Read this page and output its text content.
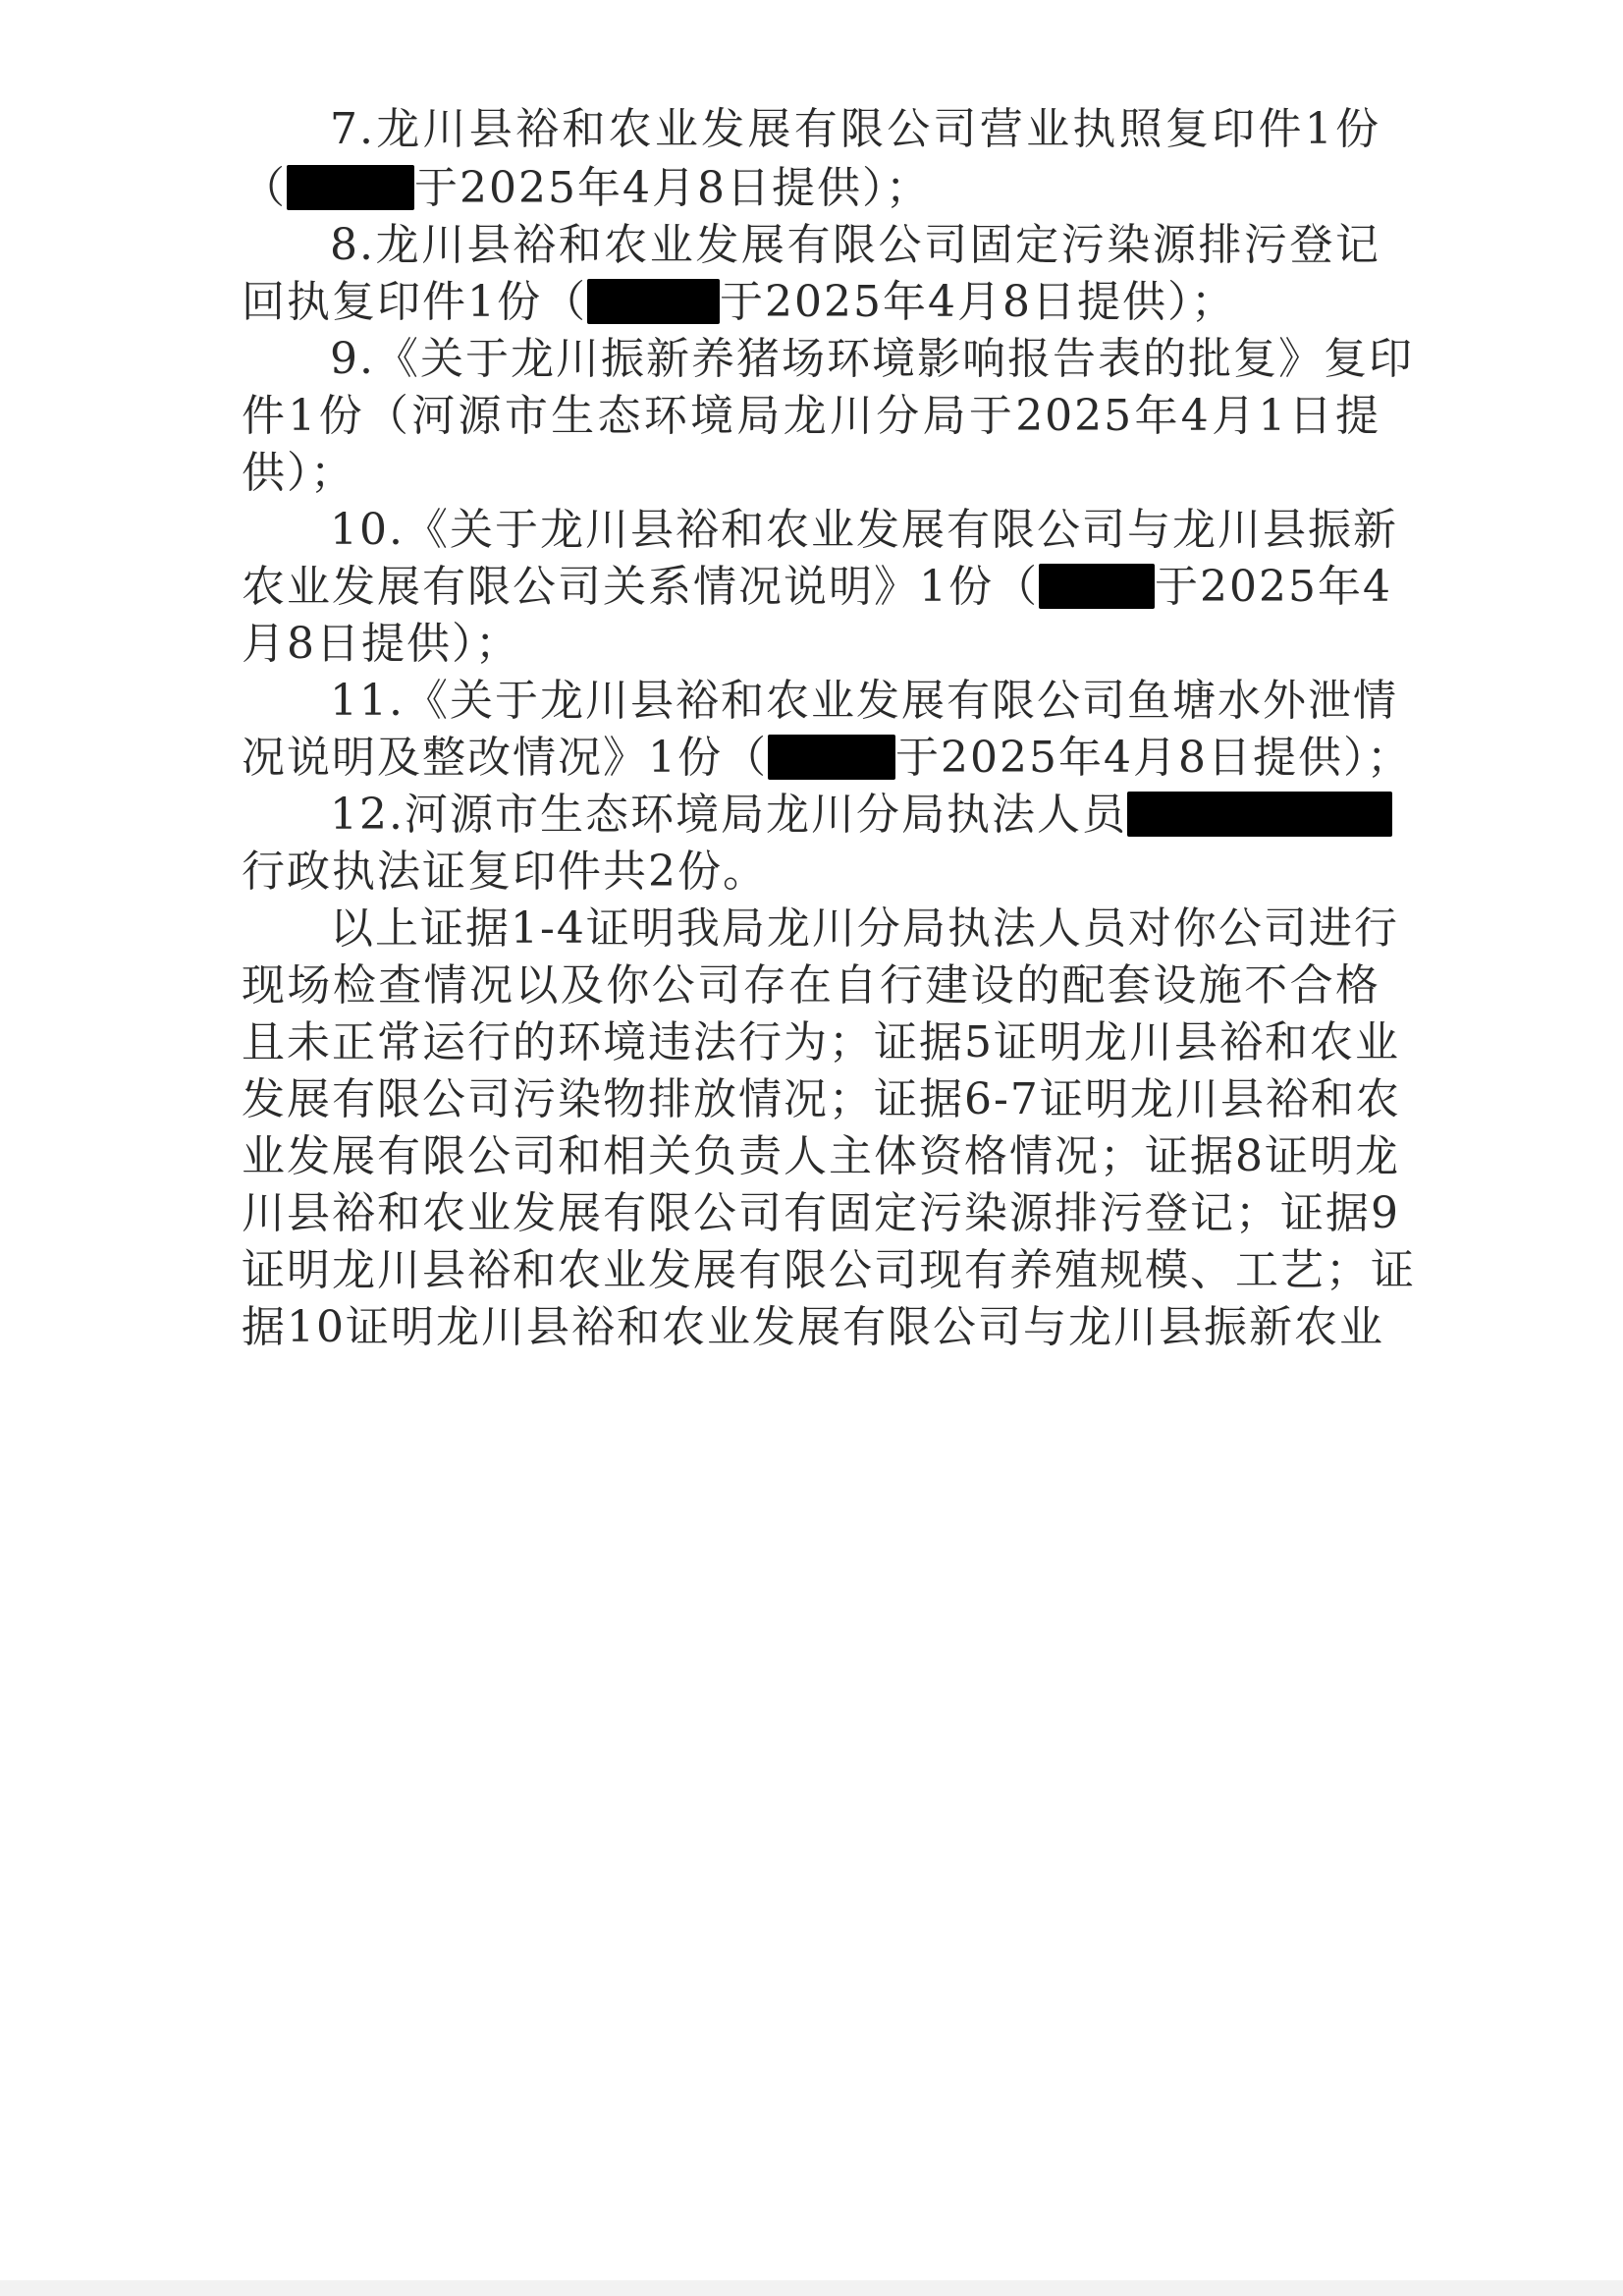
7.龙川县裕和农业发展有限公司营业执照复印件1份
（	于2025年4月8日提供）；
8.龙川县裕和农业发展有限公司固定污染源排污登记
回执复印件1份（	于2025年4月8日提供）；
9.《关于龙川振新养猪场环境影响报告表的批复》复印
件1份（河源市生态环境局龙川分局于2025年4月1日提
供）；
10.《关于龙川县裕和农业发展有限公司与龙川县振新
农业发展有限公司关系情况说明》1份（	于2025年4
月8日提供）；
11.《关于龙川县裕和农业发展有限公司鱼塘水外泄情
况说明及整改情况》1份（	于2025年4月8日提供）；
12.河源市生态环境局龙川分局执法人员
行政执法证复印件共2份。
以上证据1-4证明我局龙川分局执法人员对你公司进行
现场检查情况以及你公司存在自行建设的配套设施不合格
且未正常运行的环境违法行为；证据5证明龙川县裕和农业
发展有限公司污染物排放情况；证据6-7证明龙川县裕和农
业发展有限公司和相关负责人主体资格情况；证据8证明龙
川县裕和农业发展有限公司有固定污染源排污登记；证据9
证明龙川县裕和农业发展有限公司现有养殖规模、工艺；证
据10证明龙川县裕和农业发展有限公司与龙川县振新农业
